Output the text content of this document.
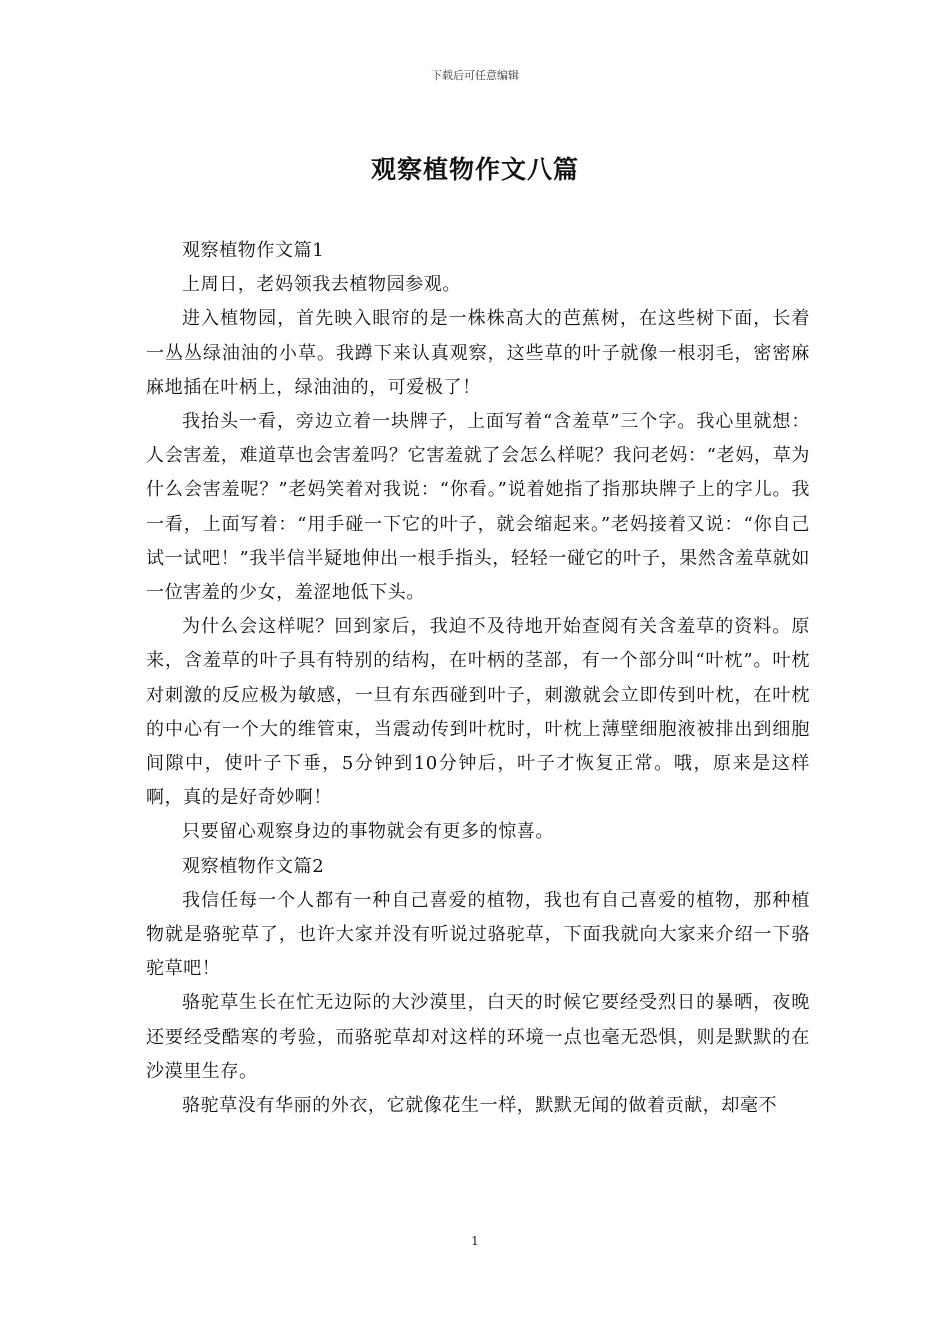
下载后可任意编辑
观察植物作文八篇

观察植物作文篇1

上周日，老妈领我去植物园参观。

进入植物园，首先映入眼帘的是一株株高大的芭蕉树，在这些树下面，长着一丛丛绿油油的小草。我蹲下来认真观察，这些草的叶子就像一根羽毛，密密麻麻地插在叶柄上，绿油油的，可爱极了！

我抬头一看，旁边立着一块牌子，上面写着“含羞草”三个字。我心里就想：人会害羞，难道草也会害羞吗？它害羞就了会怎么样呢？我问老妈：“老妈，草为什么会害羞呢？”老妈笑着对我说：“你看。”说着她指了指那块牌子上的字儿。我一看，上面写着：“用手碰一下它的叶子，就会缩起来。”老妈接着又说：“你自己试一试吧！”我半信半疑地伸出一根手指头，轻轻一碰它的叶子，果然含羞草就如一位害羞的少女，羞涩地低下头。

为什么会这样呢？回到家后，我迫不及待地开始查阅有关含羞草的资料。原来，含羞草的叶子具有特别的结构，在叶柄的茎部，有一个部分叫“叶枕”。叶枕对刺激的反应极为敏感，一旦有东西碰到叶子，刺激就会立即传到叶枕，在叶枕的中心有一个大的维管束，当震动传到叶枕时，叶枕上薄壁细胞液被排出到细胞间隙中，使叶子下垂，5分钟到10分钟后，叶子才恢复正常。哦，原来是这样啊，真的是好奇妙啊！

只要留心观察身边的事物就会有更多的惊喜。

观察植物作文篇2

我信任每一个人都有一种自己喜爱的植物，我也有自己喜爱的植物，那种植物就是骆驼草了，也许大家并没有听说过骆驼草，下面我就向大家来介绍一下骆驼草吧！

骆驼草生长在忙无边际的大沙漠里，白天的时候它要经受烈日的暴晒，夜晚还要经受酷寒的考验，而骆驼草却对这样的环境一点也毫无恐惧，则是默默的在沙漠里生存。

骆驼草没有华丽的外衣，它就像花生一样，默默无闻的做着贡献，却毫不

1
